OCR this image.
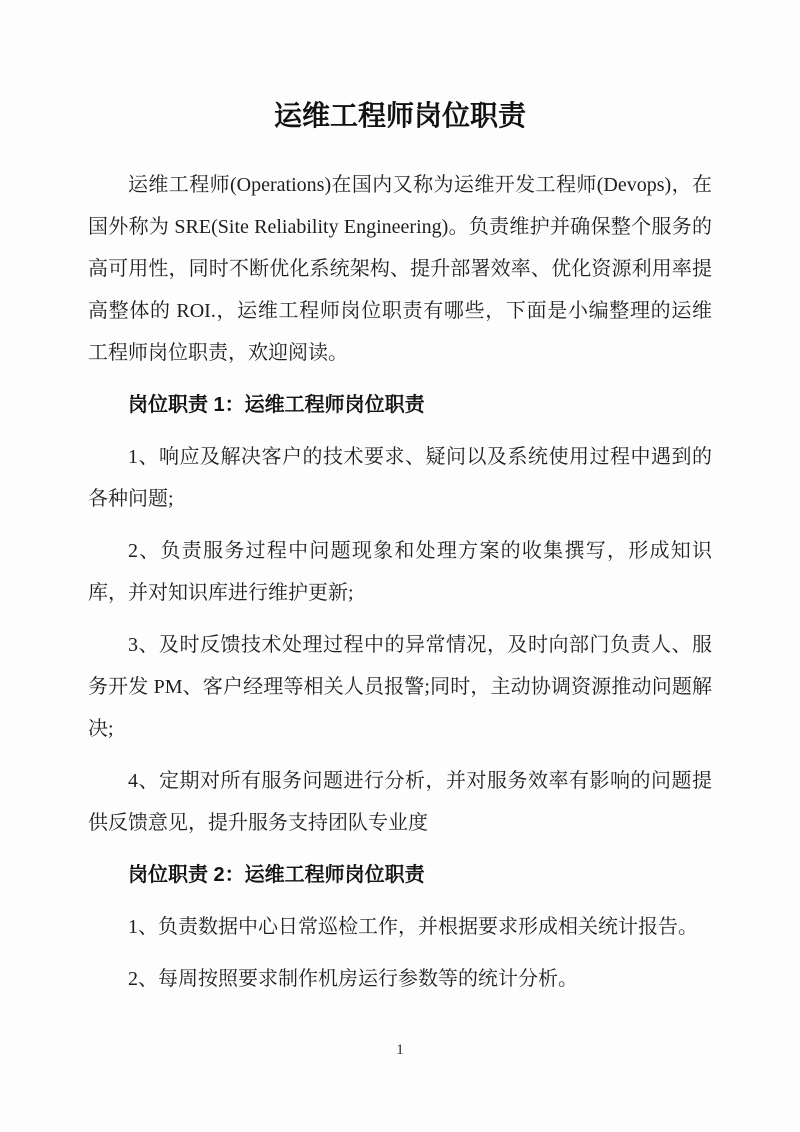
运维工程师岗位职责

运维工程师(Operations)在国内又称为运维开发工程师(Devops)，在国外称为 SRE(Site Reliability Engineering)。负责维护并确保整个服务的高可用性，同时不断优化系统架构、提升部署效率、优化资源利用率提高整体的 ROI.，运维工程师岗位职责有哪些，下面是小编整理的运维工程师岗位职责，欢迎阅读。

岗位职责 1：运维工程师岗位职责

1、响应及解决客户的技术要求、疑问以及系统使用过程中遇到的各种问题;

2、负责服务过程中问题现象和处理方案的收集撰写，形成知识库，并对知识库进行维护更新;

3、及时反馈技术处理过程中的异常情况，及时向部门负责人、服务开发 PM、客户经理等相关人员报警;同时，主动协调资源推动问题解决;

4、定期对所有服务问题进行分析，并对服务效率有影响的问题提供反馈意见，提升服务支持团队专业度

岗位职责 2：运维工程师岗位职责

1、负责数据中心日常巡检工作，并根据要求形成相关统计报告。

2、每周按照要求制作机房运行参数等的统计分析。

1
